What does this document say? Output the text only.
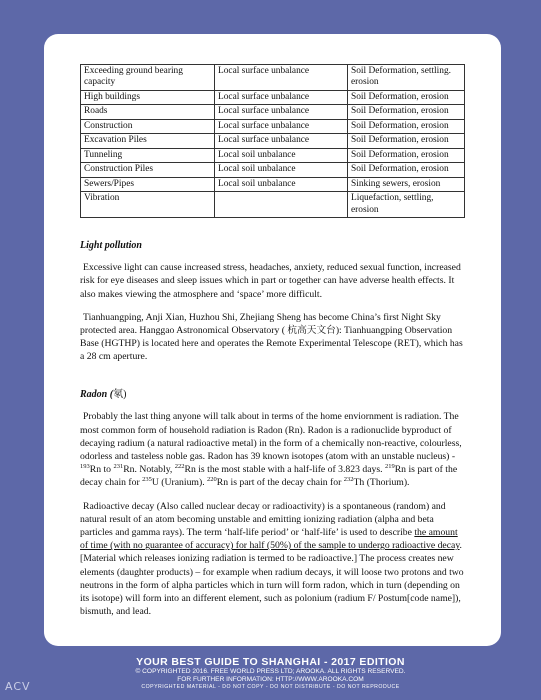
Exceeding ground bearing capacity	Local surface unbalance	Soil Deformation, settling. erosion
High buildings	Local surface unbalance	Soil Deformation, erosion
Roads	Local surface unbalance	Soil Deformation, erosion
Construction	Local surface unbalance	Soil Deformation, erosion
Excavation Piles	Local surface unbalance	Soil Deformation, erosion
Tunneling	Local soil unbalance	Soil Deformation, erosion
Construction Piles	Local soil unbalance	Soil Deformation, erosion
Sewers/Pipes	Local soil unbalance	Sinking sewers, erosion
Vibration		Liquefaction, settling, erosion
Light pollution

Excessive light can cause increased stress, headaches, anxiety, reduced sexual function, increased risk for eye diseases and sleep issues which in part or together can have adverse health effects. It also makes viewing the atmosphere and ‘space’ more difficult.

Tianhuangping, Anji Xian, Huzhou Shi, Zhejiang Sheng has become China’s first Night Sky protected area. Hanggao Astronomical Observatory ( 杭高天文台): Tianhuangping Observation Base (HGTHP) is located here and operates the Remote Experimental Telescope (RET), which has a 28 cm aperture.

Radon (氡)

Probably the last thing anyone will talk about in terms of the home enviornment is radiation. The most common form of household radiation is Radon (Rn). Radon is a radionuclide byproduct of decaying radium (a natural radioactive metal) in the form of a chemically non-reactive, colourless, odorless and tasteless noble gas. Radon has 39 known isotopes (atom with an unstable nucleus) - $^{193}$Rn to $^{231}$Rn. Notably, $^{222}$Rn is the most stable with a half-life of 3.823 days. $^{219}$Rn is part of the decay chain for $^{235}$U (Uranium). $^{220}$Rn is part of the decay chain for $^{232}$Th (Thorium).

Radioactive decay (Also called nuclear decay or radioactivity) is a spontaneous (random) and natural result of an atom becoming unstable and emitting ionizing radiation (alpha and beta particles and gamma rays). The term ‘half-life period’ or ‘half-life’ is used to describe the amount of time (with no guarantee of accuracy) for half (50%) of the sample to undergo radioactive decay. [Material which releases ionizing radiation is termed to be radioactive.] The process creates new elements (daughter products) – for example when radium decays, it will loose two protons and two neutrons in the form of alpha particles which in turn will form radon, which in turn (depending on its isotope) will form into an different element, such as polonium (radium F/ Postum[code name]), bismuth, and lead.

YOUR BEST GUIDE TO SHANGHAI - 2017 EDITION
© COPYRIGHTED 2016. FREE WORLD PRESS LTD; AROOKA. ALL RIGHTS RESERVED.
FOR FURTHER INFORMATION: HTTP://WWW.AROOKA.COM
COPYRIGHTED MATERIAL - DO NOT COPY - DO NOT DISTRIBUTE - DO NOT REPRODUCE
ACV
